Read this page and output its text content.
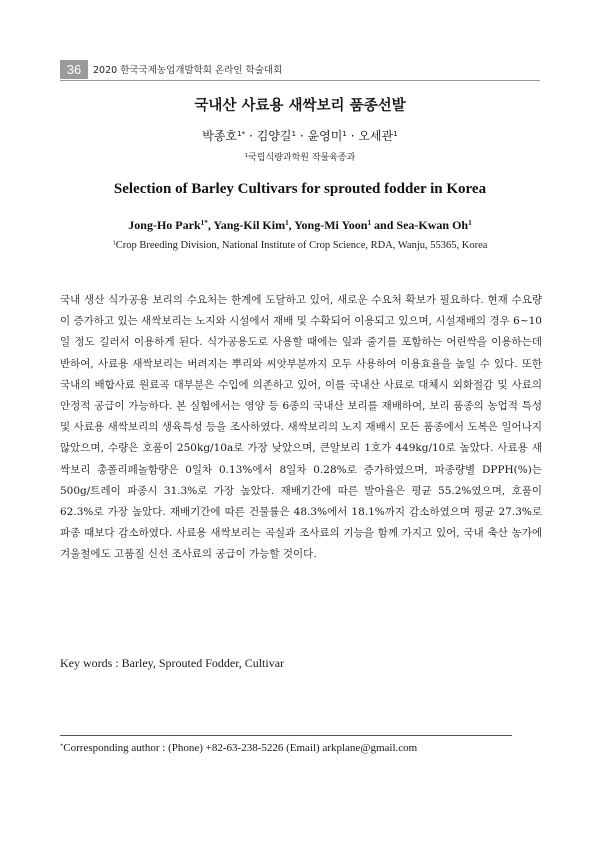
36	2020 한국국제농업개발학회 온라인 학술대회
국내산 사료용 새싹보리 품종선발
박종호$^{1*}$ · 김양길$^1$ · 윤영미$^1$ · 오세관$^1$
$^1$국립식량과학원 작물육종과
Selection of Barley Cultivars for sprouted fodder in Korea
Jong-Ho Park$^{1*}$, Yang-Kil Kim$^1$, Yong-Mi Yoon$^1$ and Sea-Kwan Oh$^1$
$^1$Crop Breeding Division, National Institute of Crop Science, RDA, Wanju, 55365, Korea

국내 생산 식가공용 보리의 수요처는 한계에 도달하고 있어, 새로운 수요처 확보가 필요하다. 현재 수요량이 증가하고 있는 새싹보리는 노지와 시설에서 재배 및 수확되어 이용되고 있으며, 시설재배의 경우 6~10일 정도 길러서 이용하게 된다. 식가공용도로 사용할 때에는 잎과 줄기를 포함하는 어린싹을 이용하는데 반하여, 사료용 새싹보리는 버려지는 뿌리와 씨앗부분까지 모두 사용하여 이용효율을 높일 수 있다. 또한 국내의 배합사료 원료곡 대부분은 수입에 의존하고 있어, 이를 국내산 사료로 대체시 외화절감 및 사료의 안정적 공급이 가능하다. 본 실험에서는 영양 등 6종의 국내산 보리를 재배하여, 보리 품종의 농업적 특성 및 사료용 새싹보리의 생육특성 등을 조사하였다. 새싹보리의 노지 재배시 모든 품종에서 도복은 일어나지 않았으며, 수량은 호품이 250kg/10a로 가장 낮았으며, 큰알보리 1호가 449kg/10로 높았다. 사료용 새싹보리 총폴리페놀함량은 0일차 0.13%에서 8일차 0.28%로 증가하였으며, 파종량별 DPPH(%)는 500g/트레이 파종시 31.3%로 가장 높았다. 재배기간에 따른 발아율은 평균 55.2%였으며, 호품이 62.3%로 가장 높았다. 재배기간에 따른 건물률은 48.3%에서 18.1%까지 감소하였으며 평균 27.3%로 파종 때보다 감소하였다. 사료용 새싹보리는 곡실과 조사료의 기능을 함께 가지고 있어, 국내 축산 농가에 겨울철에도 고품질 신선 조사료의 공급이 가능할 것이다.

Key words : Barley, Sprouted Fodder, Cultivar
*Corresponding author : (Phone) +82-63-238-5226 (Email) arkplane@gmail.com
